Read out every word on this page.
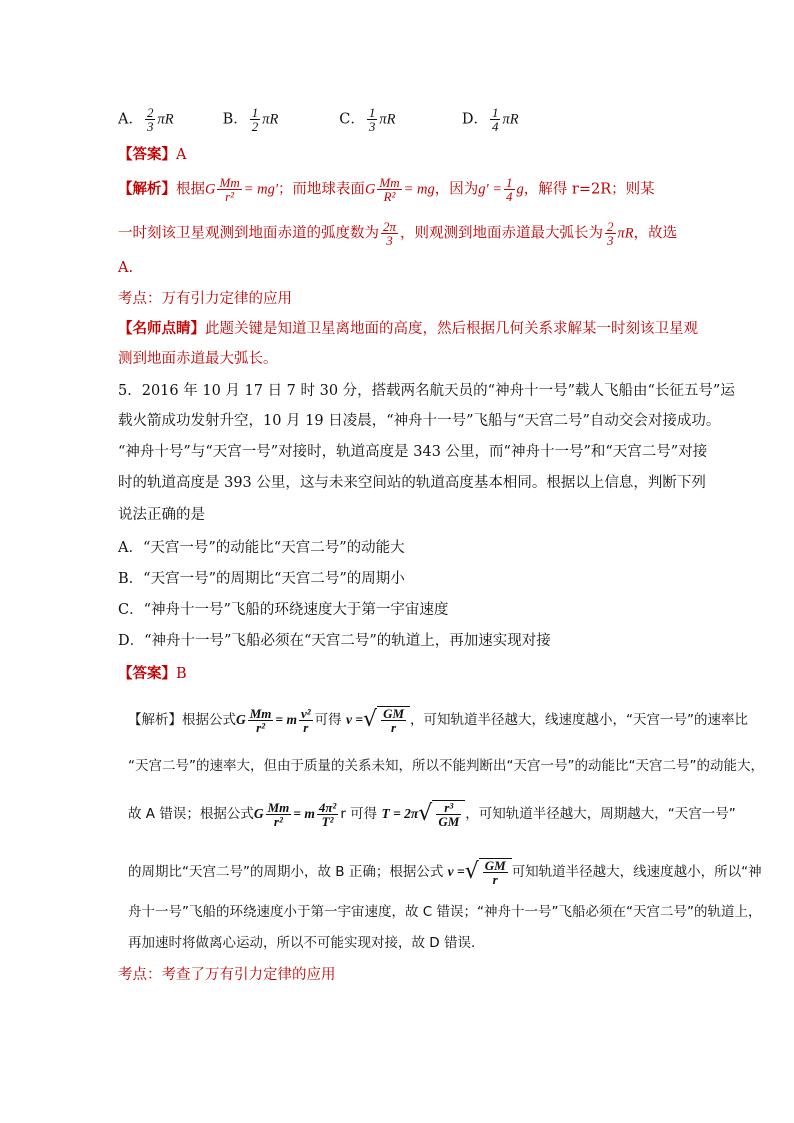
A． $\frac{2}{3}$ πR	B． $\frac{1}{2}$ πR	C． $\frac{1}{3}$ πR	D． $\frac{1}{4}$ πR
【答案】A
【解析】根据G $\frac{Mm}{\text{r²}} = mg'$；而地球表面G $\frac{Mm}{\text{R²}}$ = mg，因为$g' = \frac{1}{4}$ g，解得 r=2R；则某
一时刻该卫星观测到地面赤道的弧度数为 $\frac{2\pi}{3}$ ，则观测到地面赤道最大弧长为 $\frac{2}{3}$ πR，故选
A.
考点：万有引力定律的应用
【名师点睛】此题关键是知道卫星离地面的高度，然后根据几何关系求解某一时刻该卫星观
测到地面赤道最大弧长。
5．2016 年 10 月 17 日 7 时 30 分，搭载两名航天员的“神舟十一号”载人飞船由“长征五号”运
载火箭成功发射升空，10 月 19 日凌晨，“神舟十一号”飞船与“天宫二号”自动交会对接成功。
“神舟十号”与“天宫一号”对接时，轨道高度是 343 公里，而“神舟十一号”和“天宫二号”对接
时的轨道高度是 393 公里，这与未来空间站的轨道高度基本相同。根据以上信息，判断下列
说法正确的是
A．“天宫一号”的动能比“天宫二号”的动能大
B．“天宫一号”的周期比“天宫二号”的周期小
C．“神舟十一号”飞船的环绕速度大于第一宇宙速度
D．“神舟十一号”飞船必须在“天宫二号”的轨道上，再加速实现对接
【答案】B
【解析】根据公式G $\frac{Mm}{\text{r²}} = m \frac{\text{v²}}{r}$ 可得 v =√ $\frac{GM}{r}$ ，可知轨道半径越大，线速度越小，“天宫一号”的速率比
“天宫二号”的速率大，但由于质量的关系未知，所以不能判断出“天宫一号”的动能比“天宫二号”的动能大，
故 A 错误；根据公式G $\frac{Mm}{\text{r²}} = m \frac{\text{4π²}}{\text{T²}}$ r 可得 $T = 2\pi√ \frac{\text{r³}}{GM}$ ，可知轨道半径越大，周期越大，“天宫一号”
的周期比“天宫二号”的周期小，故 B 正确；根据公式 v =√ $\frac{GM}{r}$ 可知轨道半径越大，线速度越小，所以“神
舟十一号”飞船的环绕速度小于第一宇宙速度，故 C 错误；“神舟十一号”飞船必须在“天宫二号”的轨道上，
再加速时将做离心运动，所以不可能实现对接，故 D 错误．
考点：考查了万有引力定律的应用
